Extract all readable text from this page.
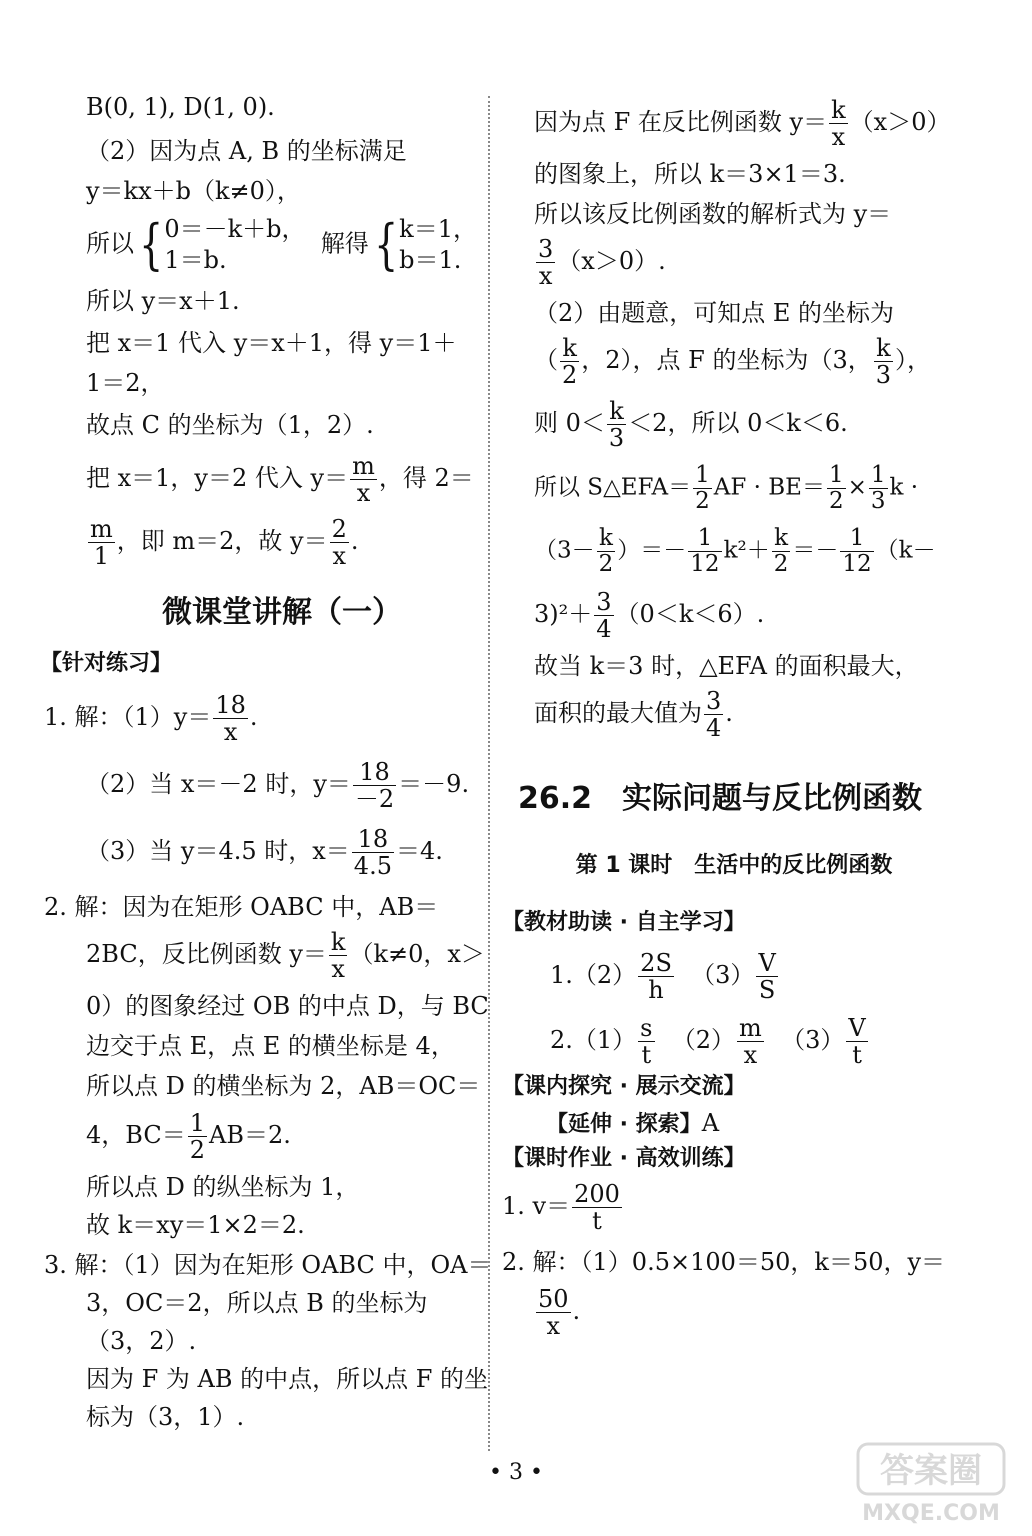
B(0, 1), D(1, 0).

（2）因为点 A, B 的坐标满足

y＝kx＋b（k≠0），

所以{ 0＝－k＋b，
1＝b.
解得{ k＝1，
b＝1.

所以 y＝x＋1.

把 x＝1 代入 y＝x＋1，得 y＝1＋

1＝2，

故点 C 的坐标为（1，2）.

把 x＝1，y＝2 代入 $y= \frac{m}{x}$ ，得 2＝

$\frac{m}{1}$ ，即 m＝2，故 $y= \frac{2}{x}$ .

微课堂讲解（一）

【针对练习】

1. 解：$(1)y= \frac{18}{x}$ .

（2）当 x＝－2 时，$y= \frac{18}{-2} =-9$.

（3）当 y＝4.5 时，$x= \frac{18}{4.5} =4$.

2. 解：因为在矩形 OABC 中，AB＝

2BC，反比例函数 $y= \frac{k}{x} (k\ne 0$，x＞

0）的图象经过 OB 的中点 D，与 BC

边交于点 E，点 E 的横坐标是 4，

所以点 D 的横坐标为 2，AB＝OC＝

4，$BC= \frac{1}{2} AB=2$.

所以点 D 的纵坐标为 1，

故 k＝xy＝1×2＝2.

3. 解：（1）因为在矩形 OABC 中，OA＝

3，OC＝2，所以点 B 的坐标为

（3，2）.

因为 F 为 AB 的中点，所以点 F 的坐

标为（3，1）.

因为点 F 在反比例函数 $y= \frac{k}{x} (x>0)$

的图象上，所以 k＝3×1＝3.

所以该反比例函数的解析式为 y＝

$\frac{3}{x} (x>0)$.

（2）由题意，可知点 E 的坐标为

（ $\frac{k}{2}$ ，2），点 F 的坐标为（3， $\frac{k}{3}$ ），

则 $0< \frac{k}{3} <2$，所以 0＜k＜6.

所以 S△EFA＝ $\frac{1}{2}$ AF · $BE= \frac{1}{2} \times \frac{1}{3}$ k ·

（$3- \frac{k}{2}$ ）＝－ $\frac{1}{12} k^2+ \frac{k}{2} =- \frac{1}{12} (k-$

$3)^2+ \frac{3}{4} (0<k<6)$.

故当 k＝3 时，△EFA 的面积最大，

面积的最大值为 $\frac{3}{4}$ .

26.2　实际问题与反比例函数

第 1 课时　生活中的反比例函数

【教材助读 · 自主学习】

$1.(2) \frac{2S}{h} (3) \frac{V}{S}$

$2.(1) \frac{s}{t} (2) \frac{m}{x} (3) \frac{V}{t}$

【课内探究 · 展示交流】

【延伸 · 探索】A

【课时作业 · 高效训练】

1. $v= \frac{200}{t}$

2. 解：（1）0.5×100＝50，k＝50，y＝

$\frac{50}{x}$ .

• 3 •	答案圈
MXQE.COM
